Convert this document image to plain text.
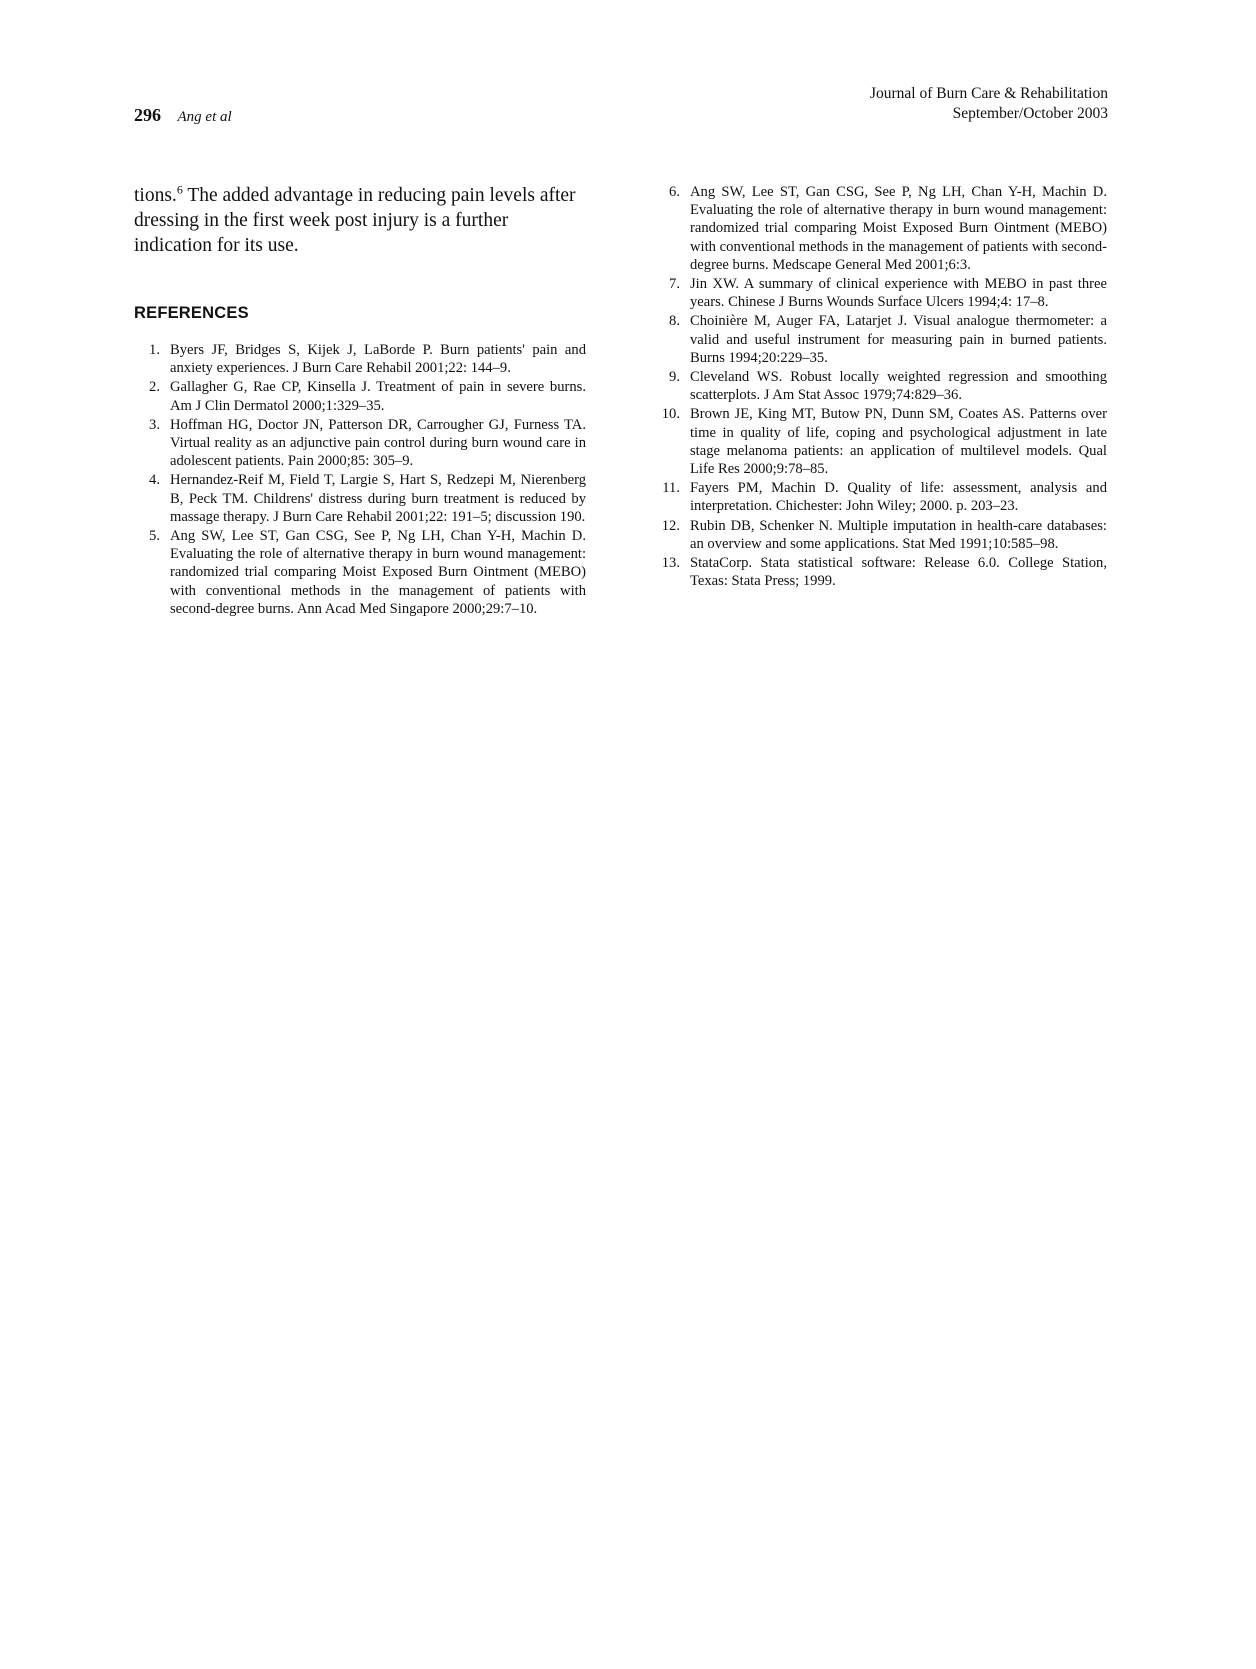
296 Ang et al
Journal of Burn Care & Rehabilitation
September/October 2003

tions.$^6$ The added advantage in reducing pain levels after dressing in the first week post injury is a further indication for its use.

REFERENCES
1. Byers JF, Bridges S, Kijek J, LaBorde P. Burn patients' pain and anxiety experiences. J Burn Care Rehabil 2001;22: 144–9.
2. Gallagher G, Rae CP, Kinsella J. Treatment of pain in severe burns. Am J Clin Dermatol 2000;1:329–35.
3. Hoffman HG, Doctor JN, Patterson DR, Carrougher GJ, Furness TA. Virtual reality as an adjunctive pain control during burn wound care in adolescent patients. Pain 2000;85: 305–9.
4. Hernandez-Reif M, Field T, Largie S, Hart S, Redzepi M, Nierenberg B, Peck TM. Childrens' distress during burn treatment is reduced by massage therapy. J Burn Care Rehabil 2001;22: 191–5; discussion 190.
5. Ang SW, Lee ST, Gan CSG, See P, Ng LH, Chan Y-H, Machin D. Evaluating the role of alternative therapy in burn wound management: randomized trial comparing Moist Exposed Burn Ointment (MEBO) with conventional methods in the management of patients with second-degree burns. Ann Acad Med Singapore 2000;29:7–10.
6. Ang SW, Lee ST, Gan CSG, See P, Ng LH, Chan Y-H, Machin D. Evaluating the role of alternative therapy in burn wound management: randomized trial comparing Moist Exposed Burn Ointment (MEBO) with conventional methods in the management of patients with second-degree burns. Medscape General Med 2001;6:3.
7. Jin XW. A summary of clinical experience with MEBO in past three years. Chinese J Burns Wounds Surface Ulcers 1994;4: 17–8.
8. Choinière M, Auger FA, Latarjet J. Visual analogue thermometer: a valid and useful instrument for measuring pain in burned patients. Burns 1994;20:229–35.
9. Cleveland WS. Robust locally weighted regression and smoothing scatterplots. J Am Stat Assoc 1979;74:829–36.
10. Brown JE, King MT, Butow PN, Dunn SM, Coates AS. Patterns over time in quality of life, coping and psychological adjustment in late stage melanoma patients: an application of multilevel models. Qual Life Res 2000;9:78–85.
11. Fayers PM, Machin D. Quality of life: assessment, analysis and interpretation. Chichester: John Wiley; 2000. p. 203–23.
12. Rubin DB, Schenker N. Multiple imputation in health-care databases: an overview and some applications. Stat Med 1991;10:585–98.
13. StataCorp. Stata statistical software: Release 6.0. College Station, Texas: Stata Press; 1999.
